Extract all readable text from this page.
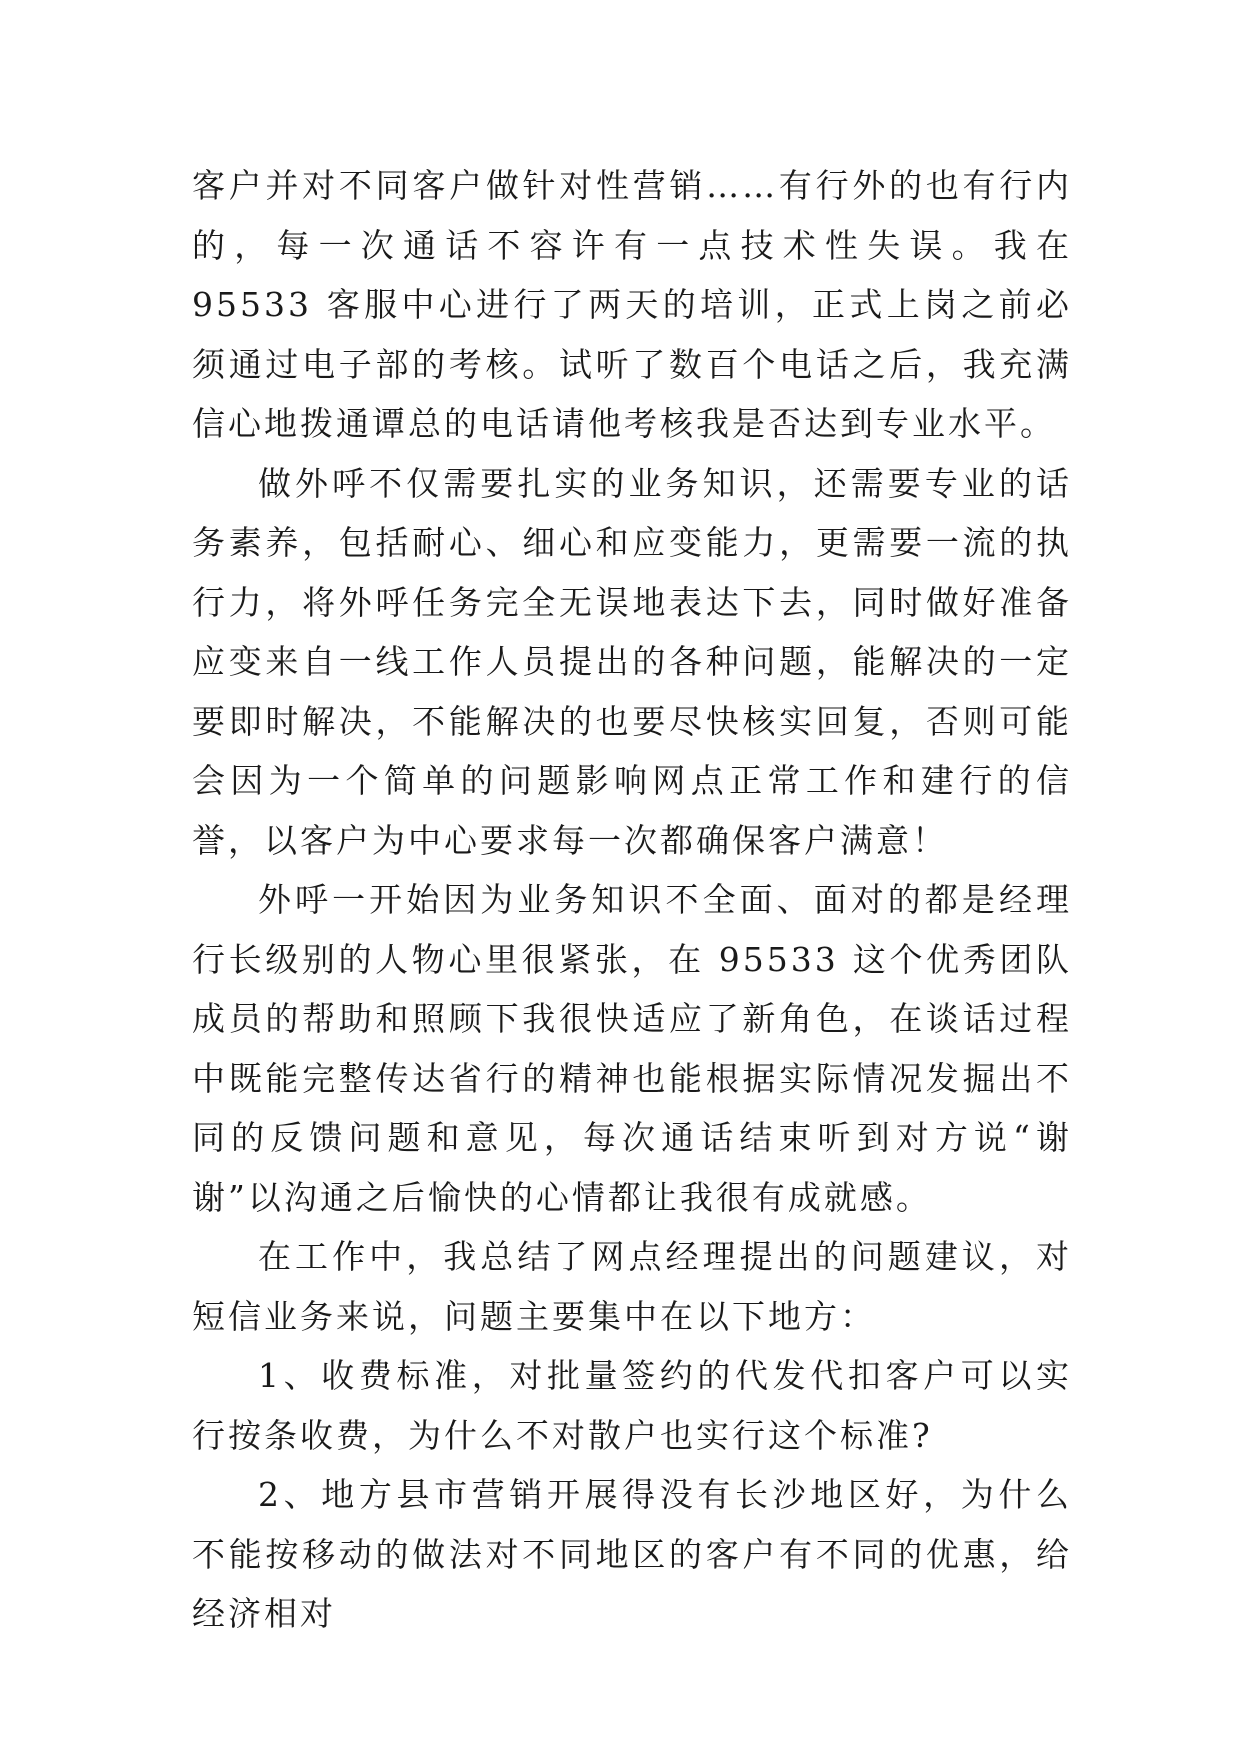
客户并对不同客户做针对性营销……有行外的也有行内的，每一次通话不容许有一点技术性失误。我在 95533 客服中心进行了两天的培训，正式上岗之前必须通过电子部的考核。试听了数百个电话之后，我充满信心地拨通谭总的电话请他考核我是否达到专业水平。

做外呼不仅需要扎实的业务知识，还需要专业的话务素养，包括耐心、细心和应变能力，更需要一流的执行力，将外呼任务完全无误地表达下去，同时做好准备应变来自一线工作人员提出的各种问题，能解决的一定要即时解决，不能解决的也要尽快核实回复，否则可能会因为一个简单的问题影响网点正常工作和建行的信誉，以客户为中心要求每一次都确保客户满意！

外呼一开始因为业务知识不全面、面对的都是经理行长级别的人物心里很紧张，在 95533 这个优秀团队成员的帮助和照顾下我很快适应了新角色，在谈话过程中既能完整传达省行的精神也能根据实际情况发掘出不同的反馈问题和意见，每次通话结束听到对方说“谢谢”以沟通之后愉快的心情都让我很有成就感。

在工作中，我总结了网点经理提出的问题建议，对短信业务来说，问题主要集中在以下地方：

1、收费标准，对批量签约的代发代扣客户可以实行按条收费，为什么不对散户也实行这个标准?

2、地方县市营销开展得没有长沙地区好，为什么不能按移动的做法对不同地区的客户有不同的优惠，给经济相对
